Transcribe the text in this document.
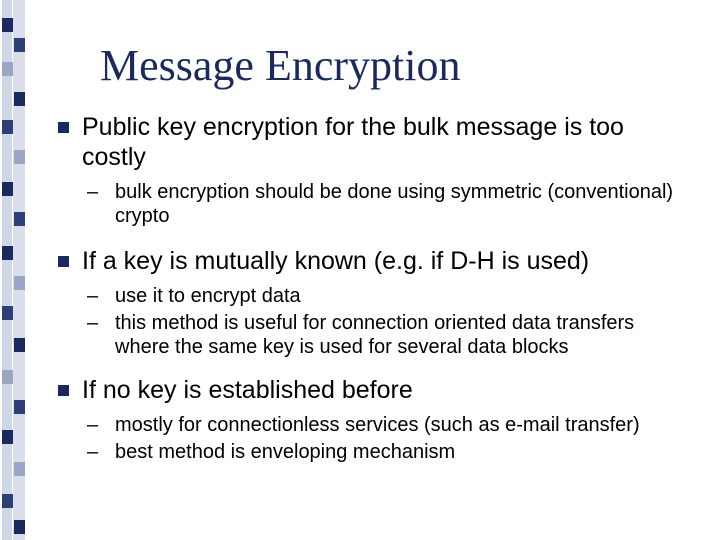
Message Encryption

Public key encryption for the bulk message is too costly

– bulk encryption should be done using symmetric (conventional) crypto

If a key is mutually known (e.g. if D-H is used)

– use it to encrypt data

– this method is useful for connection oriented data transfers where the same key is used for several data blocks

If no key is established before

– mostly for connectionless services (such as e-mail transfer)

– best method is enveloping mechanism
